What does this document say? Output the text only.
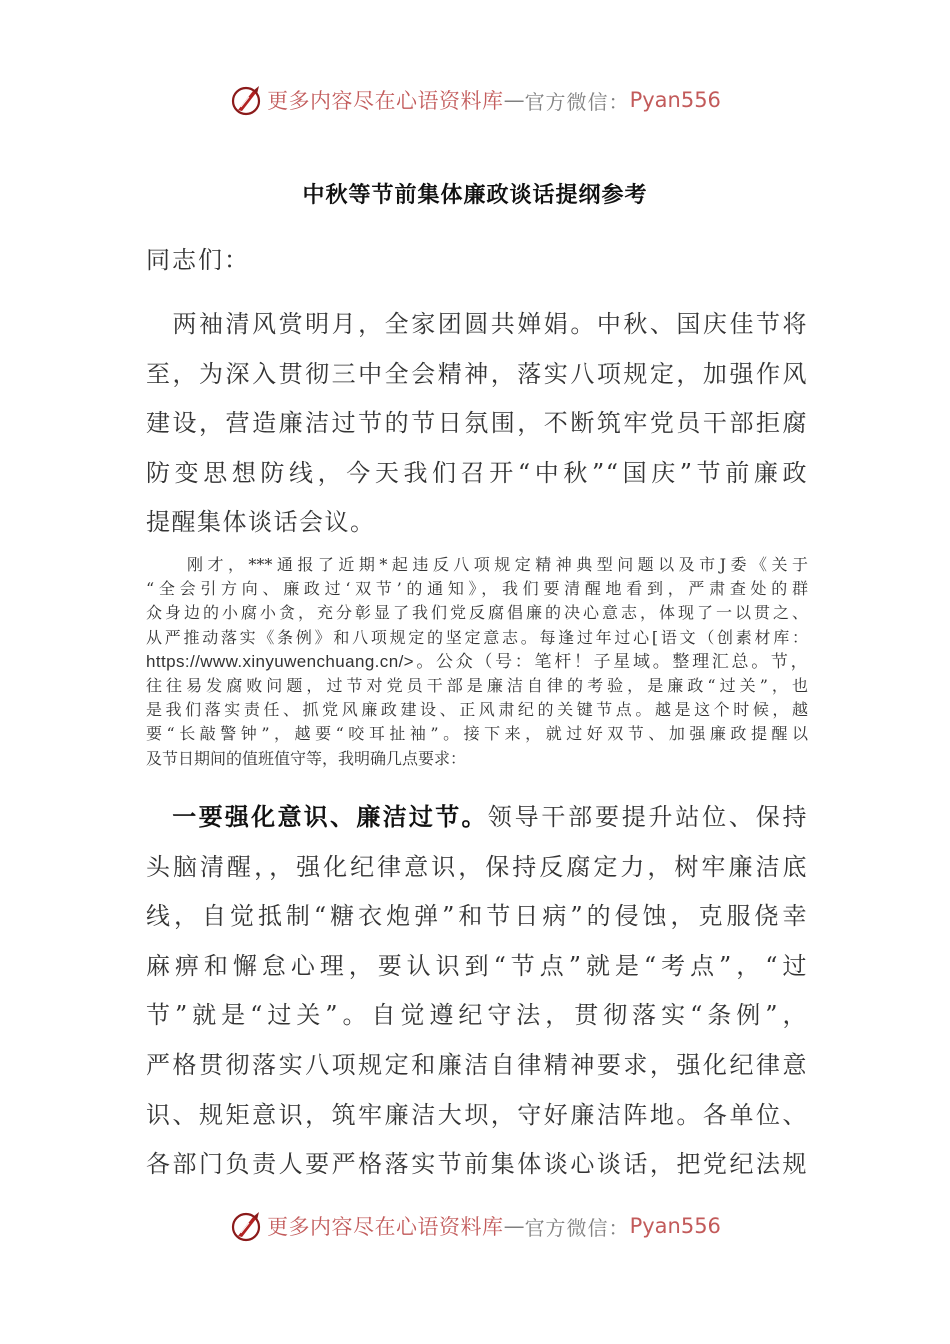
更多内容尽在心语资料库 — 官方微信： Pyan556
中秋等节前集体廉政谈话提纲参考
同志们：
　两袖清风赏明月，全家团圆共婵娟。中秋、国庆佳节将
至，为深入贯彻三中全会精神，落实八项规定，加强作风
建设，营造廉洁过节的节日氛围，不断筑牢党员干部拒腐
防变思想防线，今天我们召开“中秋”“国庆”节前廉政
提醒集体谈话会议。
　　刚才，***通报了近期*起违反八项规定精神典型问题以及市J委《关于
“全会引方向、廉政过‘双节’的通知》，我们要清醒地看到，严肃查处的群
众身边的小腐小贪，充分彰显了我们党反腐倡廉的决心意志，体现了一以贯之、
从严推动落实《条例》和八项规定的坚定意志。每逢过年过心[语文（创素材库：
https://www.xinyuwenchuang.cn/>。公众（号：笔杆！子星域。整理汇总。节，
往往易发腐败问题，过节对党员干部是廉洁自律的考验，是廉政“过关”，也
是我们落实责任、抓党风廉政建设、正风肃纪的关键节点。越是这个时候，越
要“长敲警钟”，越要“咬耳扯袖”。接下来，就过好双节、加强廉政提醒以
及节日期间的值班值守等，我明确几点要求：
　一要强化意识、廉洁过节。领导干部要提升站位、保持
头脑清醒，，强化纪律意识，保持反腐定力，树牢廉洁底
线，自觉抵制“糖衣炮弹”和节日病”的侵蚀，克服侥幸
麻痹和懈怠心理，要认识到“节点”就是“考点”，“过
节”就是“过关”。自觉遵纪守法，贯彻落实“条例”，
严格贯彻落实八项规定和廉洁自律精神要求，强化纪律意
识、规矩意识，筑牢廉洁大坝，守好廉洁阵地。各单位、
各部门负责人要严格落实节前集体谈心谈话，把党纪法规
更多内容尽在心语资料库 — 官方微信： Pyan556
